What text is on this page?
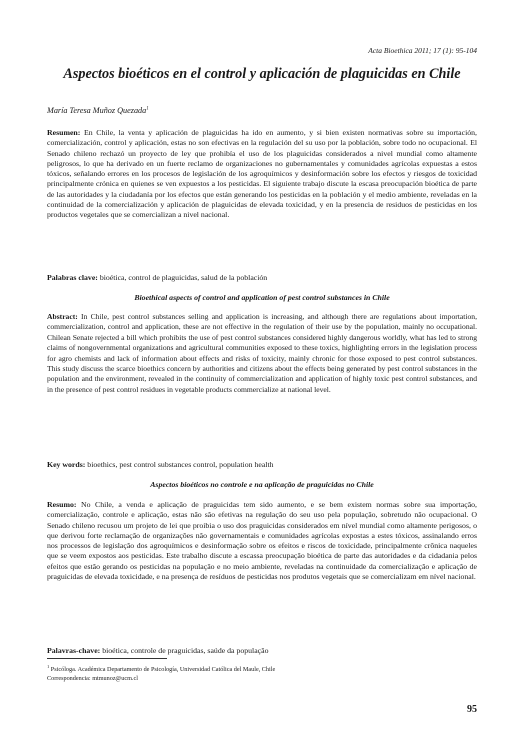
Acta Bioethica 2011; 17 (1): 95-104
Aspectos bioéticos en el control y aplicación de plaguicidas en Chile
María Teresa Muñoz Quezada$^1$

Resumen: En Chile, la venta y aplicación de plaguicidas ha ido en aumento, y si bien existen normativas sobre su importación, comercialización, control y aplicación, estas no son efectivas en la regulación del su uso por la población, sobre todo no ocupacional. El Senado chileno rechazó un proyecto de ley que prohibía el uso de los plaguicidas considerados a nivel mundial como altamente peligrosos, lo que ha derivado en un fuerte reclamo de organizaciones no gubernamentales y comunidades agrícolas expuestas a estos tóxicos, señalando errores en los procesos de legislación de los agroquímicos y desinformación sobre los efectos y riesgos de toxicidad principalmente crónica en quienes se ven expuestos a los pesticidas. El siguiente trabajo discute la escasa preocupación bioética de parte de las autoridades y la ciudadanía por los efectos que están generando los pesticidas en la población y el medio ambiente, reveladas en la continuidad de la comercialización y aplicación de plaguicidas de elevada toxicidad, y en la presencia de residuos de pesticidas en los productos vegetales que se comercializan a nivel nacional.

Palabras clave: bioética, control de plaguicidas, salud de la población

Bioethical aspects of control and application of pest control substances in Chile

Abstract: In Chile, pest control substances selling and application is increasing, and although there are regulations about importation, commercialization, control and application, these are not effective in the regulation of their use by the population, mainly no occupational. Chilean Senate rejected a bill which prohibits the use of pest control substances considered highly dangerous worldly, what has led to strong claims of nongovernmental organizations and agricultural communities exposed to these toxics, highlighting errors in the legislation process for agro chemists and lack of information about effects and risks of toxicity, mainly chronic for those exposed to pest control substances. This study discuss the scarce bioethics concern by authorities and citizens about the effects being generated by pest control substances in the population and the environment, revealed in the continuity of commercialization and application of highly toxic pest control substances, and in the presence of pest control residues in vegetable products commercialize at national level.

Key words: bioethics, pest control substances control, population health

Aspectos bioéticos no controle e na aplicação de praguicidas no Chile

Resumo: No Chile, a venda e aplicação de praguicidas tem sido aumento, e se bem existem normas sobre sua importação, comercialização, controle e aplicação, estas não são efetivas na regulação do seu uso pela população, sobretudo não ocupacional. O Senado chileno recusou um projeto de lei que proibia o uso dos praguicidas considerados em nível mundial como altamente perigosos, o que derivou forte reclamação de organizações não governamentais e comunidades agrícolas expostas a estes tóxicos, assinalando erros nos processos de legislação dos agroquímicos e desinformação sobre os efeitos e riscos de toxicidade, principalmente crônica naqueles que se veem expostos aos pesticidas. Este trabalho discute a escassa preocupação bioética de parte das autoridades e da cidadania pelos efeitos que estão gerando os pesticidas na população e no meio ambiente, reveladas na continuidade da comercialização e aplicação de praguicidas de elevada toxicidade, e na presença de resíduos de pesticidas nos produtos vegetais que se comercializam em nível nacional.

Palavras-chave: bioética, controle de praguicidas, saúde da população

$^1$ Psicóloga. Académica Departamento de Psicología, Universidad Católica del Maule, Chile
Correspondencia: mtmunoz@ucm.cl
95
